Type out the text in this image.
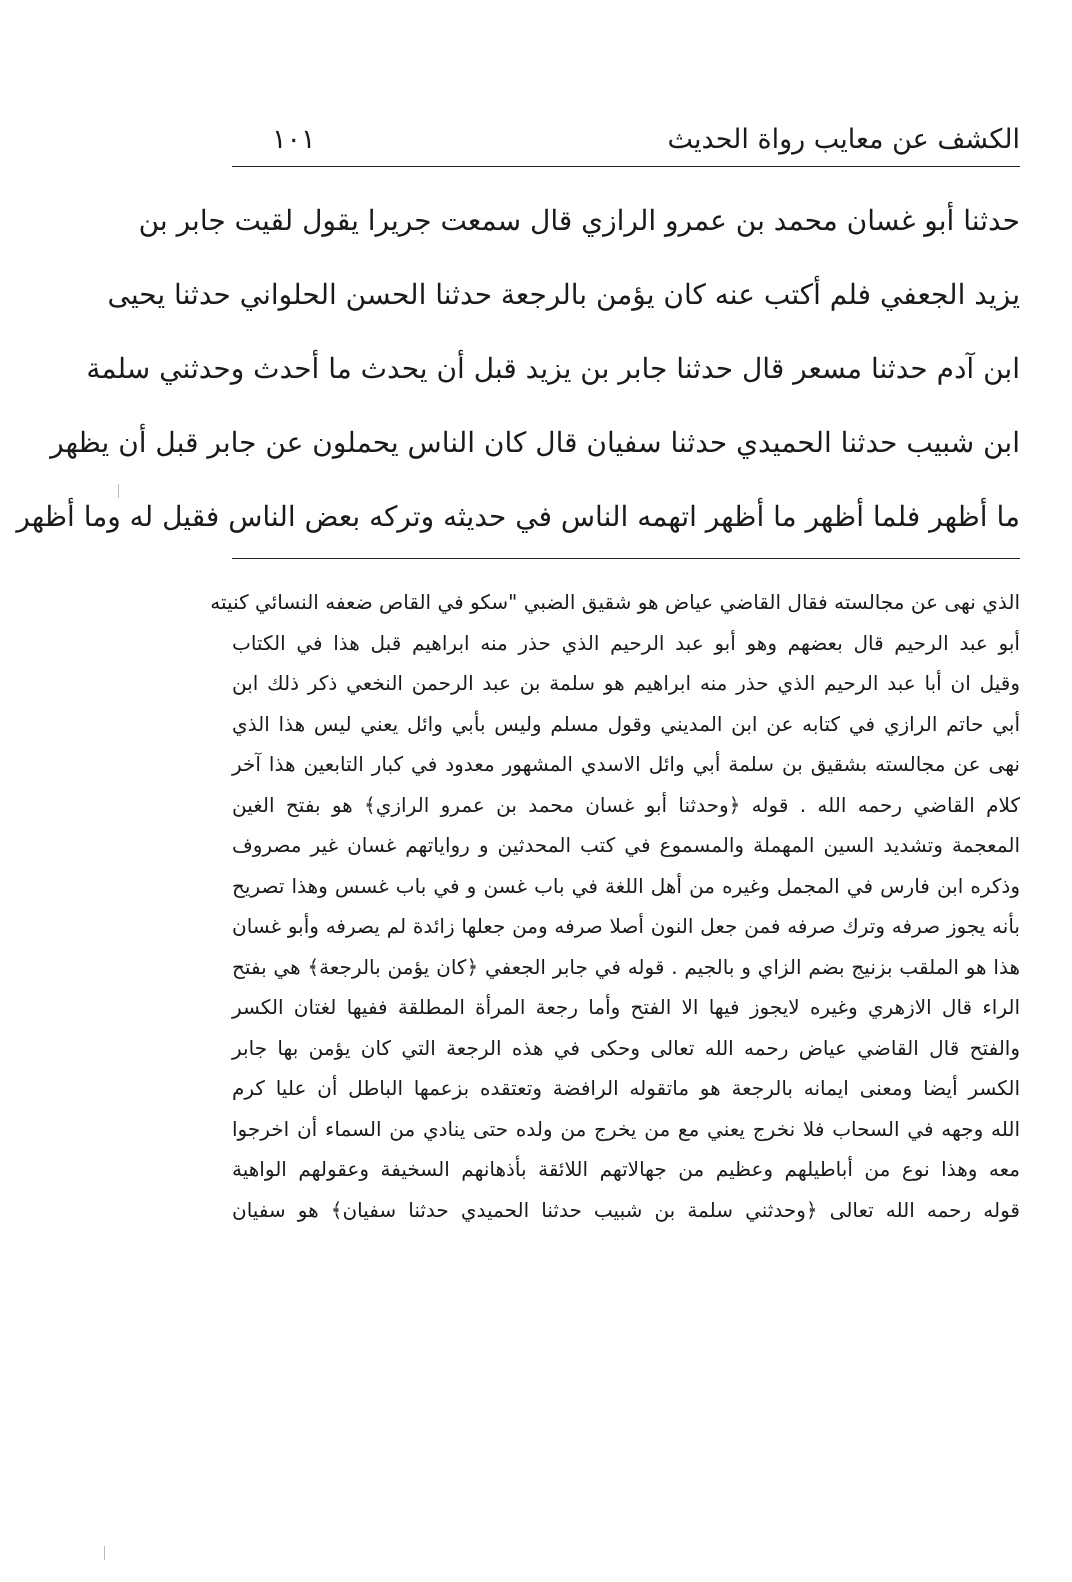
١٠١	الكشف عن معايب رواة الحديث
حدثنا أبو غسان محمد بن عمرو الرازي قال سمعت جريرا يقول لقيت جابر بن
يزيد الجعفي فلم أكتب عنه كان يؤمن بالرجعة حدثنا الحسن الحلواني حدثنا يحيى
ابن آدم حدثنا مسعر قال حدثنا جابر بن يزيد قبل أن يحدث ما أحدث وحدثني سلمة
ابن شبيب حدثنا الحميدي حدثنا سفيان قال كان الناس يحملون عن جابر قبل أن يظهر
ما أظهر فلما أظهر ما أظهر اتهمه الناس في حديثه وتركه بعض الناس فقيل له وما أظهر
الذي نهى عن مجالسته فقال القاضي عياض هو شقيق الضبي "سكو في القاص ضعفه النسائي كنيته
أبو عبد الرحيم قال بعضهم وهو أبو عبد الرحيم الذي حذر منه ابراهيم قبل هذا في الكتاب
وقيل ان أبا عبد الرحيم الذي حذر منه ابراهيم هو سلمة بن عبد الرحمن النخعي ذكر ذلك ابن
أبي حاتم الرازي في كتابه عن ابن المديني وقول مسلم وليس بأبي وائل يعني ليس هذا الذي
نهى عن مجالسته بشقيق بن سلمة أبي وائل الاسدي المشهور معدود في كبار التابعين هذا آخر
كلام القاضي رحمه الله . قوله ﴿وحدثنا أبو غسان محمد بن عمرو الرازي﴾ هو بفتح الغين
المعجمة وتشديد السين المهملة والمسموع في كتب المحدثين و رواياتهم غسان غير مصروف
وذكره ابن فارس في المجمل وغيره من أهل اللغة في باب غسن و في باب غسس وهذا تصريح
بأنه يجوز صرفه وترك صرفه فمن جعل النون أصلا صرفه ومن جعلها زائدة لم يصرفه وأبو غسان
هذا هو الملقب بزنيج بضم الزاي و بالجيم . قوله في جابر الجعفي ﴿كان يؤمن بالرجعة﴾ هي بفتح
الراء قال الازهري وغيره لايجوز فيها الا الفتح وأما رجعة المرأة المطلقة ففيها لغتان الكسر
والفتح قال القاضي عياض رحمه الله تعالى وحكى في هذه الرجعة التي كان يؤمن بها جابر
الكسر أيضا ومعنى ايمانه بالرجعة هو ماتقوله الرافضة وتعتقده بزعمها الباطل أن عليا كرم
الله وجهه في السحاب فلا نخرج يعني مع من يخرج من ولده حتى ينادي من السماء أن اخرجوا
معه وهذا نوع من أباطيلهم وعظيم من جهالاتهم اللائقة بأذهانهم السخيفة وعقولهم الواهية
قوله رحمه الله تعالى ﴿وحدثني سلمة بن شبيب حدثنا الحميدي حدثنا سفيان﴾ هو سفيان
